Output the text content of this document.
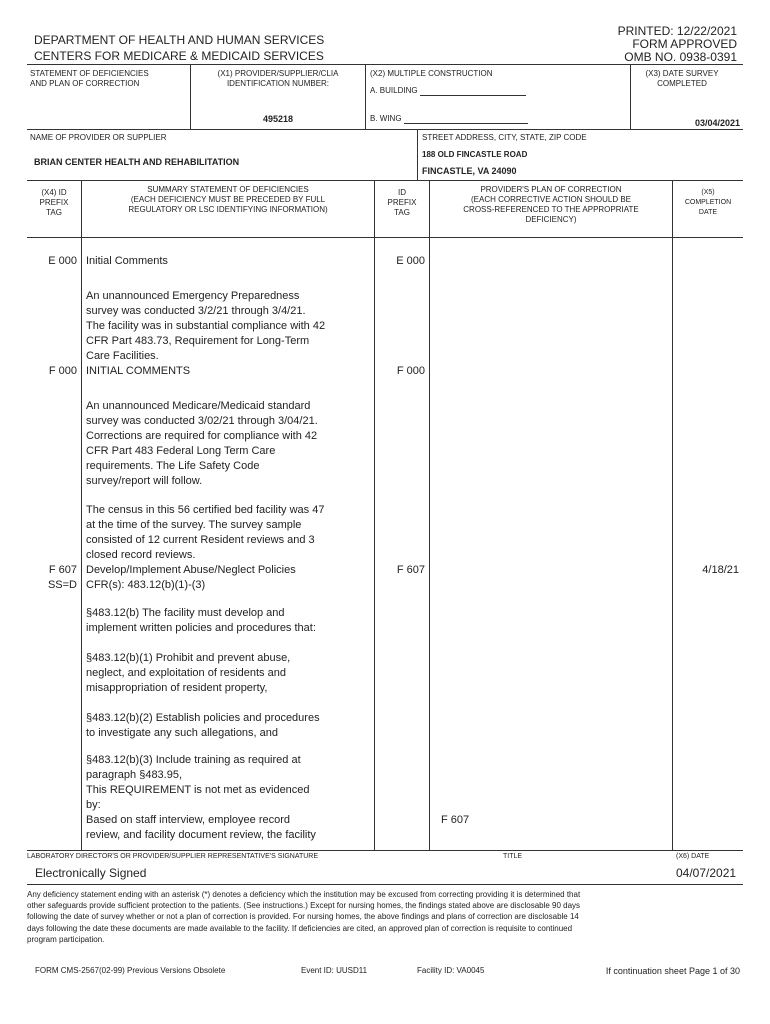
DEPARTMENT OF HEALTH AND HUMAN SERVICES
CENTERS FOR MEDICARE & MEDICAID SERVICES
PRINTED: 12/22/2021
FORM APPROVED
OMB NO. 0938-0391
STATEMENT OF DEFICIENCIES
AND PLAN OF CORRECTION
(X1) PROVIDER/SUPPLIER/CLIA
IDENTIFICATION NUMBER:
495218
(X2) MULTIPLE CONSTRUCTION
A. BUILDING
B. WING
(X3) DATE SURVEY
COMPLETED
03/04/2021
NAME OF PROVIDER OR SUPPLIER
BRIAN CENTER HEALTH AND REHABILITATION
STREET ADDRESS, CITY, STATE, ZIP CODE
188 OLD FINCASTLE ROAD
FINCASTLE, VA 24090
(X4) ID
PREFIX
TAG
SUMMARY STATEMENT OF DEFICIENCIES
(EACH DEFICIENCY MUST BE PRECEDED BY FULL
REGULATORY OR LSC IDENTIFYING INFORMATION)
ID
PREFIX
TAG
PROVIDER'S PLAN OF CORRECTION
(EACH CORRECTIVE ACTION SHOULD BE
CROSS-REFERENCED TO THE APPROPRIATE
DEFICIENCY)
(X5)
COMPLETION
DATE
E 000 Initial Comments	E 000
An unannounced Emergency Preparedness
survey was conducted 3/2/21 through 3/4/21.
The facility was in substantial compliance with 42
CFR Part 483.73, Requirement for Long-Term
Care Facilities.
F 000 INITIAL COMMENTS	F 000
An unannounced Medicare/Medicaid standard
survey was conducted 3/02/21 through 3/04/21.
Corrections are required for compliance with 42
CFR Part 483 Federal Long Term Care
requirements. The Life Safety Code
survey/report will follow.
The census in this 56 certified bed facility was 47
at the time of the survey. The survey sample
consisted of 12 current Resident reviews and 3
closed record reviews.
F 607
SS=D
Develop/Implement Abuse/Neglect Policies
CFR(s): 483.12(b)(1)-(3)
F 607	4/18/21
§483.12(b) The facility must develop and
implement written policies and procedures that:
§483.12(b)(1) Prohibit and prevent abuse,
neglect, and exploitation of residents and
misappropriation of resident property,
§483.12(b)(2) Establish policies and procedures
to investigate any such allegations, and
§483.12(b)(3) Include training as required at
paragraph §483.95,
This REQUIREMENT is not met as evidenced
by:
Based on staff interview, employee record
review, and facility document review, the facility
F 607
LABORATORY DIRECTOR'S OR PROVIDER/SUPPLIER REPRESENTATIVE'S SIGNATURE
Electronically Signed
TITLE	(X6) DATE
04/07/2021
Any deficiency statement ending with an asterisk (*) denotes a deficiency which the institution may be excused from correcting providing it is determined that
other safeguards provide sufficient protection to the patients. (See instructions.) Except for nursing homes, the findings stated above are disclosable 90 days
following the date of survey whether or not a plan of correction is provided. For nursing homes, the above findings and plans of correction are disclosable 14
days following the date these documents are made available to the facility. If deficiencies are cited, an approved plan of correction is requisite to continued
program participation.
FORM CMS-2567(02-99) Previous Versions Obsolete	Event ID: UUSD11	Facility ID: VA0045	If continuation sheet Page 1 of 30
